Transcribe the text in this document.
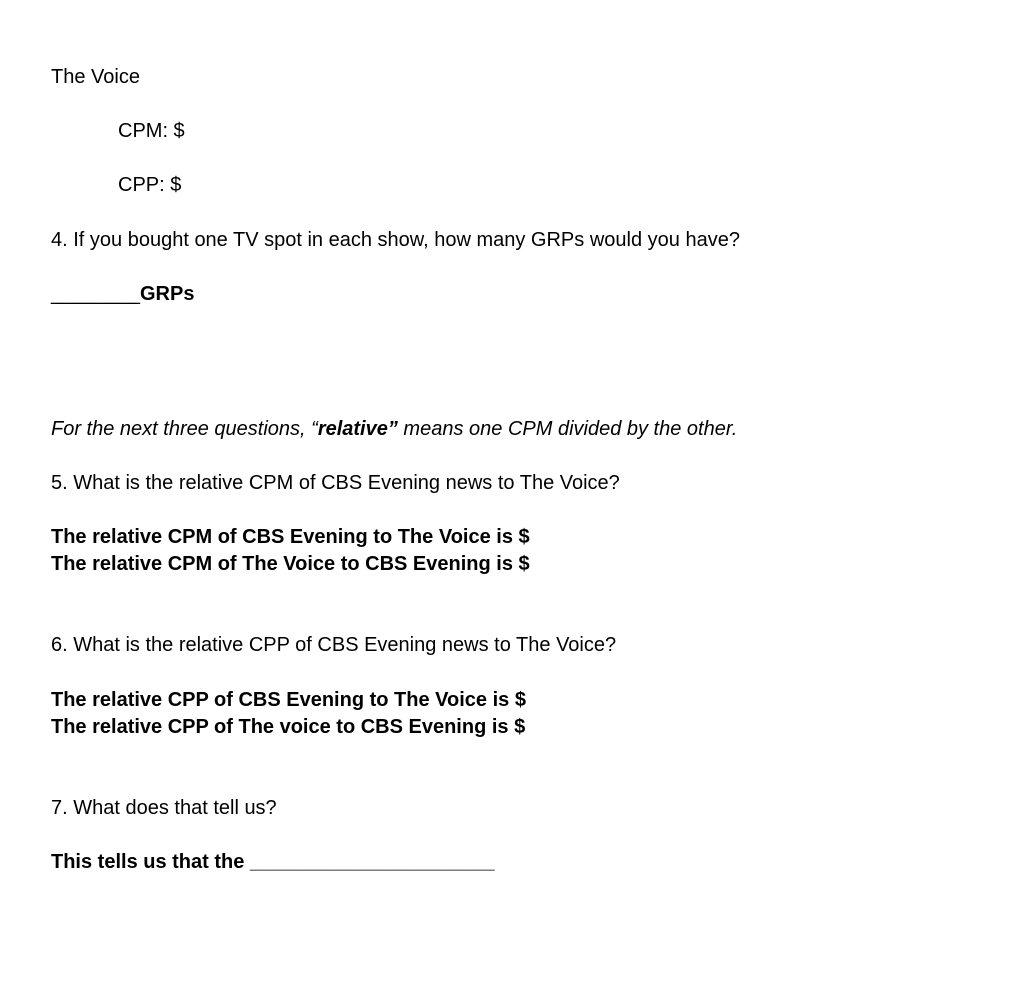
The Voice
CPM: $
CPP: $
4. If you bought one TV spot in each show, how many GRPs would you have?
________GRPs
For the next three questions, “relative” means one CPM divided by the other.
5. What is the relative CPM of CBS Evening news to The Voice?
The relative CPM of CBS Evening to The Voice is $
The relative CPM of The Voice to CBS Evening is $
6. What is the relative CPP of CBS Evening news to The Voice?
The relative CPP of CBS Evening to The Voice is $
The relative CPP of The voice to CBS Evening is $
7. What does that tell us?
This tells us that the ______________________
